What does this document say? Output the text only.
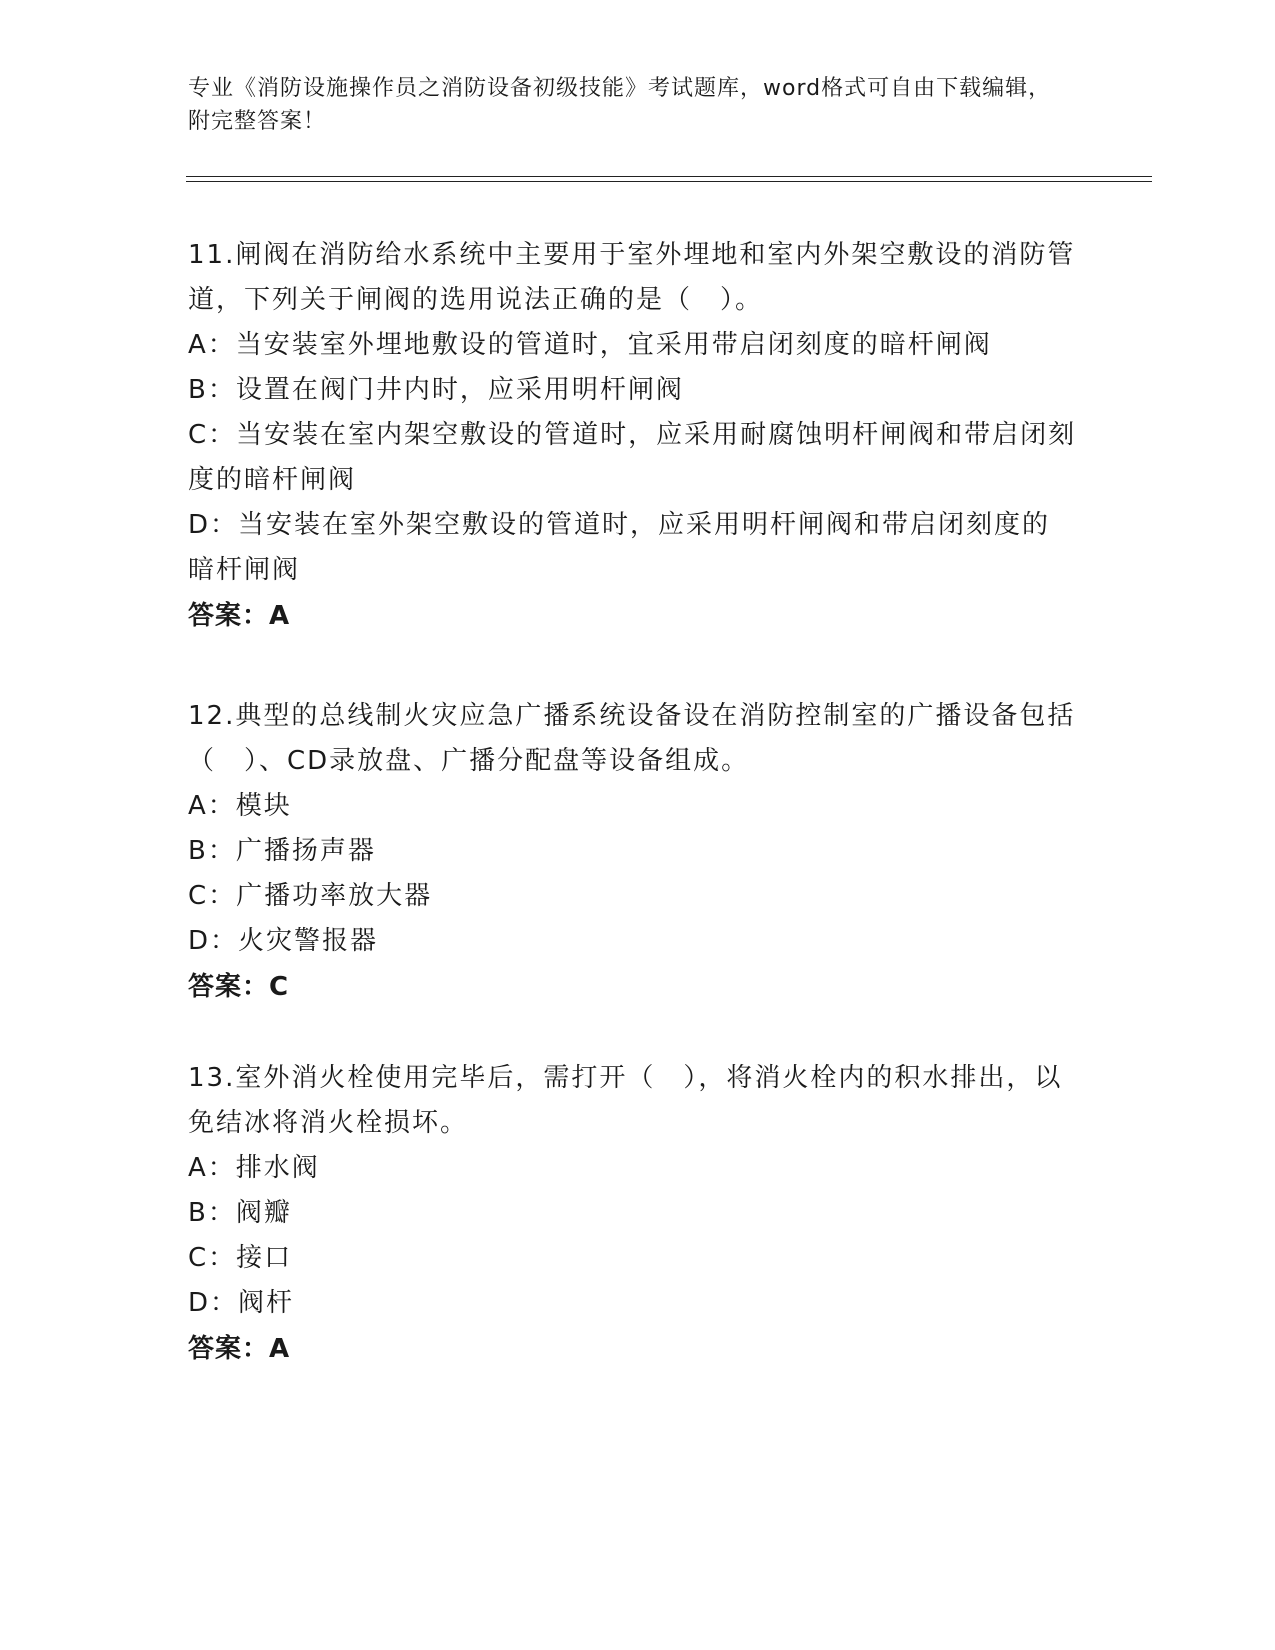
专业《消防设施操作员之消防设备初级技能》考试题库，word格式可自由下载编辑，附完整答案！
11.闸阀在消防给水系统中主要用于室外埋地和室内外架空敷设的消防管道，下列关于闸阀的选用说法正确的是（　）。
A：当安装室外埋地敷设的管道时，宜采用带启闭刻度的暗杆闸阀
B：设置在阀门井内时，应采用明杆闸阀
C：当安装在室内架空敷设的管道时，应采用耐腐蚀明杆闸阀和带启闭刻度的暗杆闸阀
D：当安装在室外架空敷设的管道时，应采用明杆闸阀和带启闭刻度的暗杆闸阀
答案：A
12.典型的总线制火灾应急广播系统设备设在消防控制室的广播设备包括（　）、CD录放盘、广播分配盘等设备组成。
A：模块
B：广播扬声器
C：广播功率放大器
D：火灾警报器
答案：C
13.室外消火栓使用完毕后，需打开（　），将消火栓内的积水排出，以免结冰将消火栓损坏。
A：排水阀
B：阀瓣
C：接口
D：阀杆
答案：A
